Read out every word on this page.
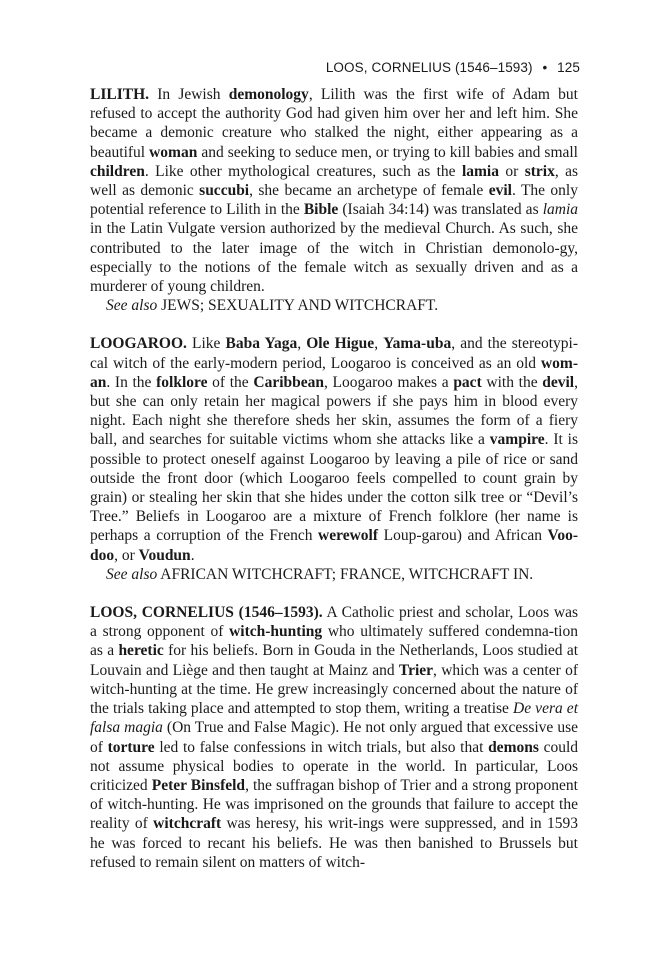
LOOS, CORNELIUS (1546–1593) • 125

LILITH. In Jewish demonology, Lilith was the first wife of Adam but refused to accept the authority God had given him over her and left him. She became a demonic creature who stalked the night, either appearing as a beautiful woman and seeking to seduce men, or trying to kill babies and small children. Like other mythological creatures, such as the lamia or strix, as well as demonic succubi, she became an archetype of female evil. The only potential reference to Lilith in the Bible (Isaiah 34:14) was translated as lamia in the Latin Vulgate version authorized by the medieval Church. As such, she contributed to the later image of the witch in Christian demonolo-​gy, especially to the notions of the female witch as sexually driven and as a murderer of young children.

See also JEWS; SEXUALITY AND WITCHCRAFT.

LOOGAROO. Like Baba Yaga, Ole Higue, Yama-uba, and the stereotypi-​cal witch of the early-modern period, Loogaroo is conceived as an old wom-​an. In the folklore of the Caribbean, Loogaroo makes a pact with the devil, but she can only retain her magical powers if she pays him in blood every night. Each night she therefore sheds her skin, assumes the form of a fiery ball, and searches for suitable victims whom she attacks like a vampire. It is possible to protect oneself against Loogaroo by leaving a pile of rice or sand outside the front door (which Loogaroo feels compelled to count grain by grain) or stealing her skin that she hides under the cotton silk tree or “Devil’s Tree.” Beliefs in Loogaroo are a mixture of French folklore (her name is perhaps a corruption of the French werewolf Loup-garou) and African Voo-​doo, or Voudun.

See also AFRICAN WITCHCRAFT; FRANCE, WITCHCRAFT IN.

LOOS, CORNELIUS (1546–1593). A Catholic priest and scholar, Loos was a strong opponent of witch-hunting who ultimately suffered condemna-​tion as a heretic for his beliefs. Born in Gouda in the Netherlands, Loos studied at Louvain and Liège and then taught at Mainz and Trier, which was a center of witch-hunting at the time. He grew increasingly concerned about the nature of the trials taking place and attempted to stop them, writing a treatise De vera et falsa magia (On True and False Magic). He not only argued that excessive use of torture led to false confessions in witch trials, but also that demons could not assume physical bodies to operate in the world. In particular, Loos criticized Peter Binsfeld, the suffragan bishop of Trier and a strong proponent of witch-hunting. He was imprisoned on the grounds that failure to accept the reality of witchcraft was heresy, his writ-​ings were suppressed, and in 1593 he was forced to recant his beliefs. He was then banished to Brussels but refused to remain silent on matters of witch-
